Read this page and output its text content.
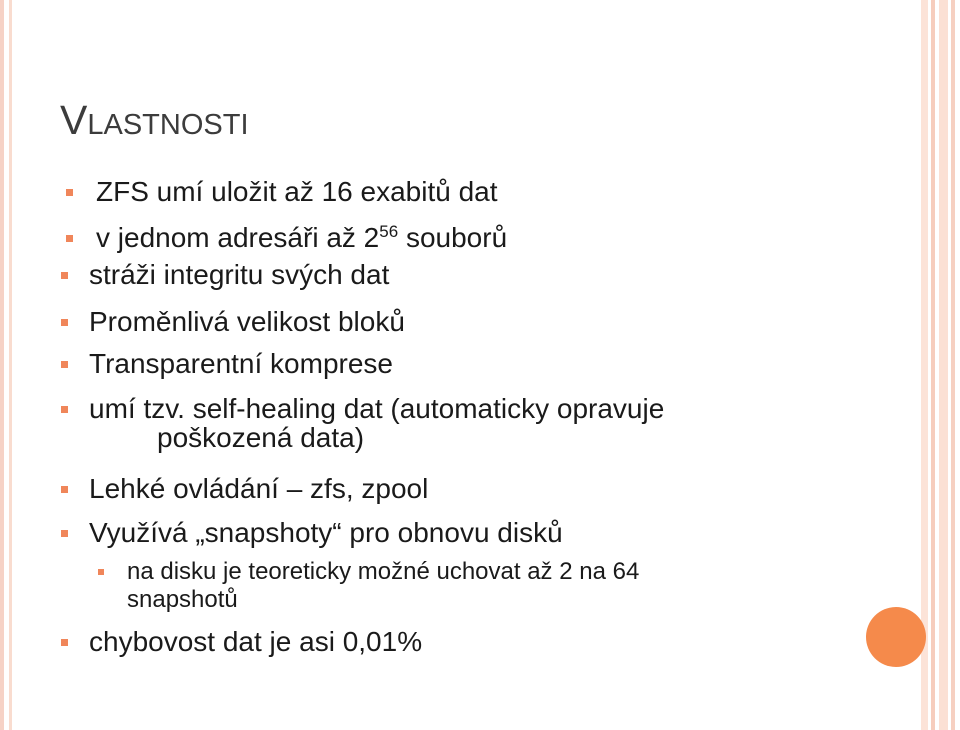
VLASTNOSTI
ZFS umí uložit až 16 exabitů dat
v jednom adresáři až $2^{56}$ souborů
stráži integritu svých dat
Proměnlivá velikost bloků
Transparentní komprese
umí tzv. self-healing dat (automaticky opravuje
poškozená data)
Lehké ovládání – zfs, zpool
Využívá „snapshoty“ pro obnovu disků
na disku je teoreticky možné uchovat až 2 na 64
snapshotů
chybovost dat je asi 0,01%
